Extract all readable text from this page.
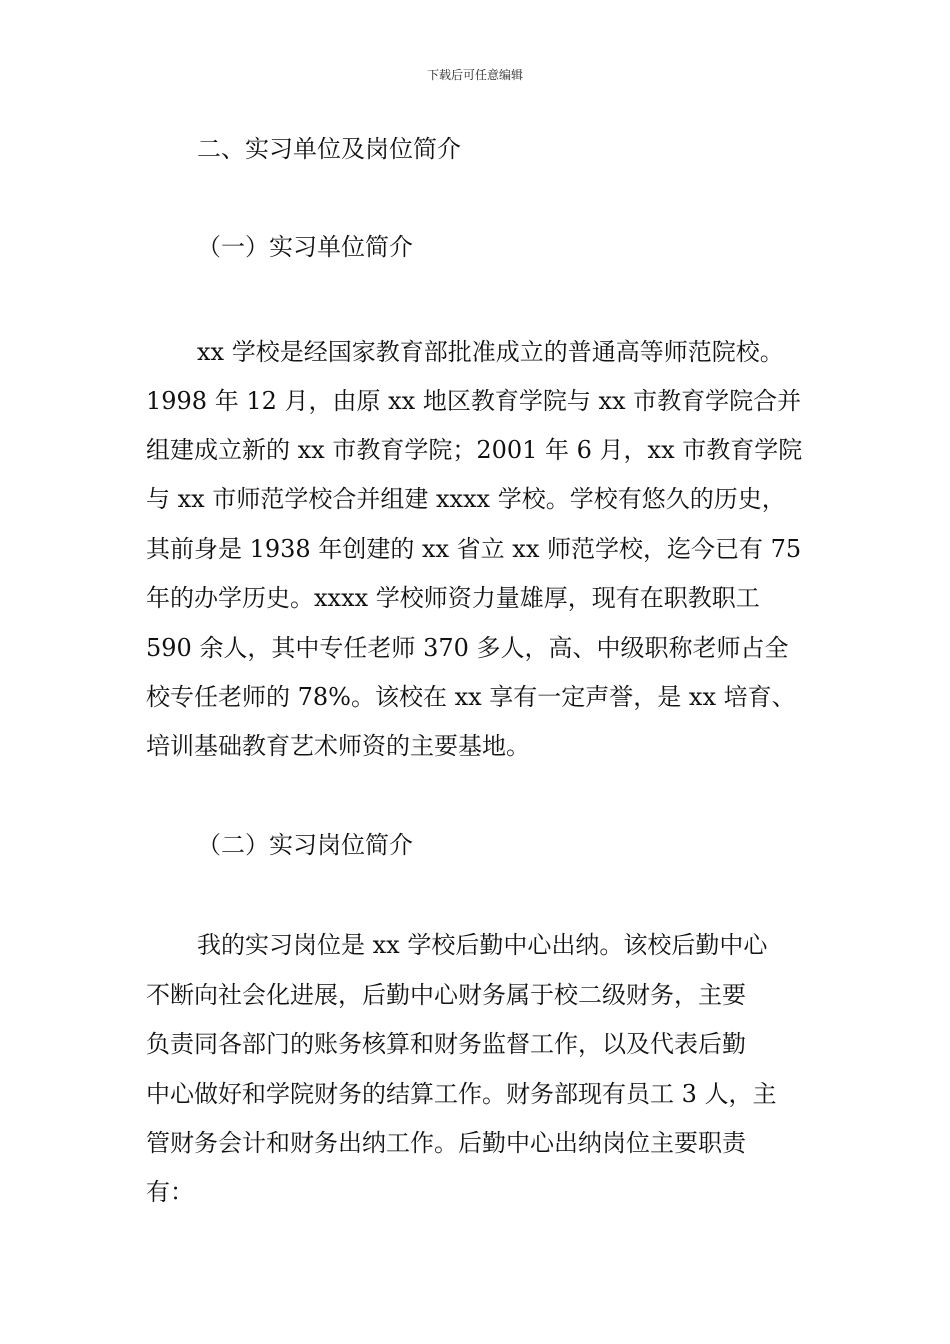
下载后可任意编辑
二、实习单位及岗位简介
（一）实习单位简介
xx 学校是经国家教育部批准成立的普通高等师范院校。
1998 年 12 月，由原 xx 地区教育学院与 xx 市教育学院合并
组建成立新的 xx 市教育学院；2001 年 6 月，xx 市教育学院
与 xx 市师范学校合并组建 xxxx 学校。学校有悠久的历史，
其前身是 1938 年创建的 xx 省立 xx 师范学校，迄今已有 75
年的办学历史。xxxx 学校师资力量雄厚，现有在职教职工
590 余人，其中专任老师 370 多人，高、中级职称老师占全
校专任老师的 78%。该校在 xx 享有一定声誉，是 xx 培育、
培训基础教育艺术师资的主要基地。
（二）实习岗位简介
我的实习岗位是 xx 学校后勤中心出纳。该校后勤中心
不断向社会化进展，后勤中心财务属于校二级财务，主要
负责同各部门的账务核算和财务监督工作，以及代表后勤
中心做好和学院财务的结算工作。财务部现有员工 3 人，主
管财务会计和财务出纳工作。后勤中心出纳岗位主要职责
有：
